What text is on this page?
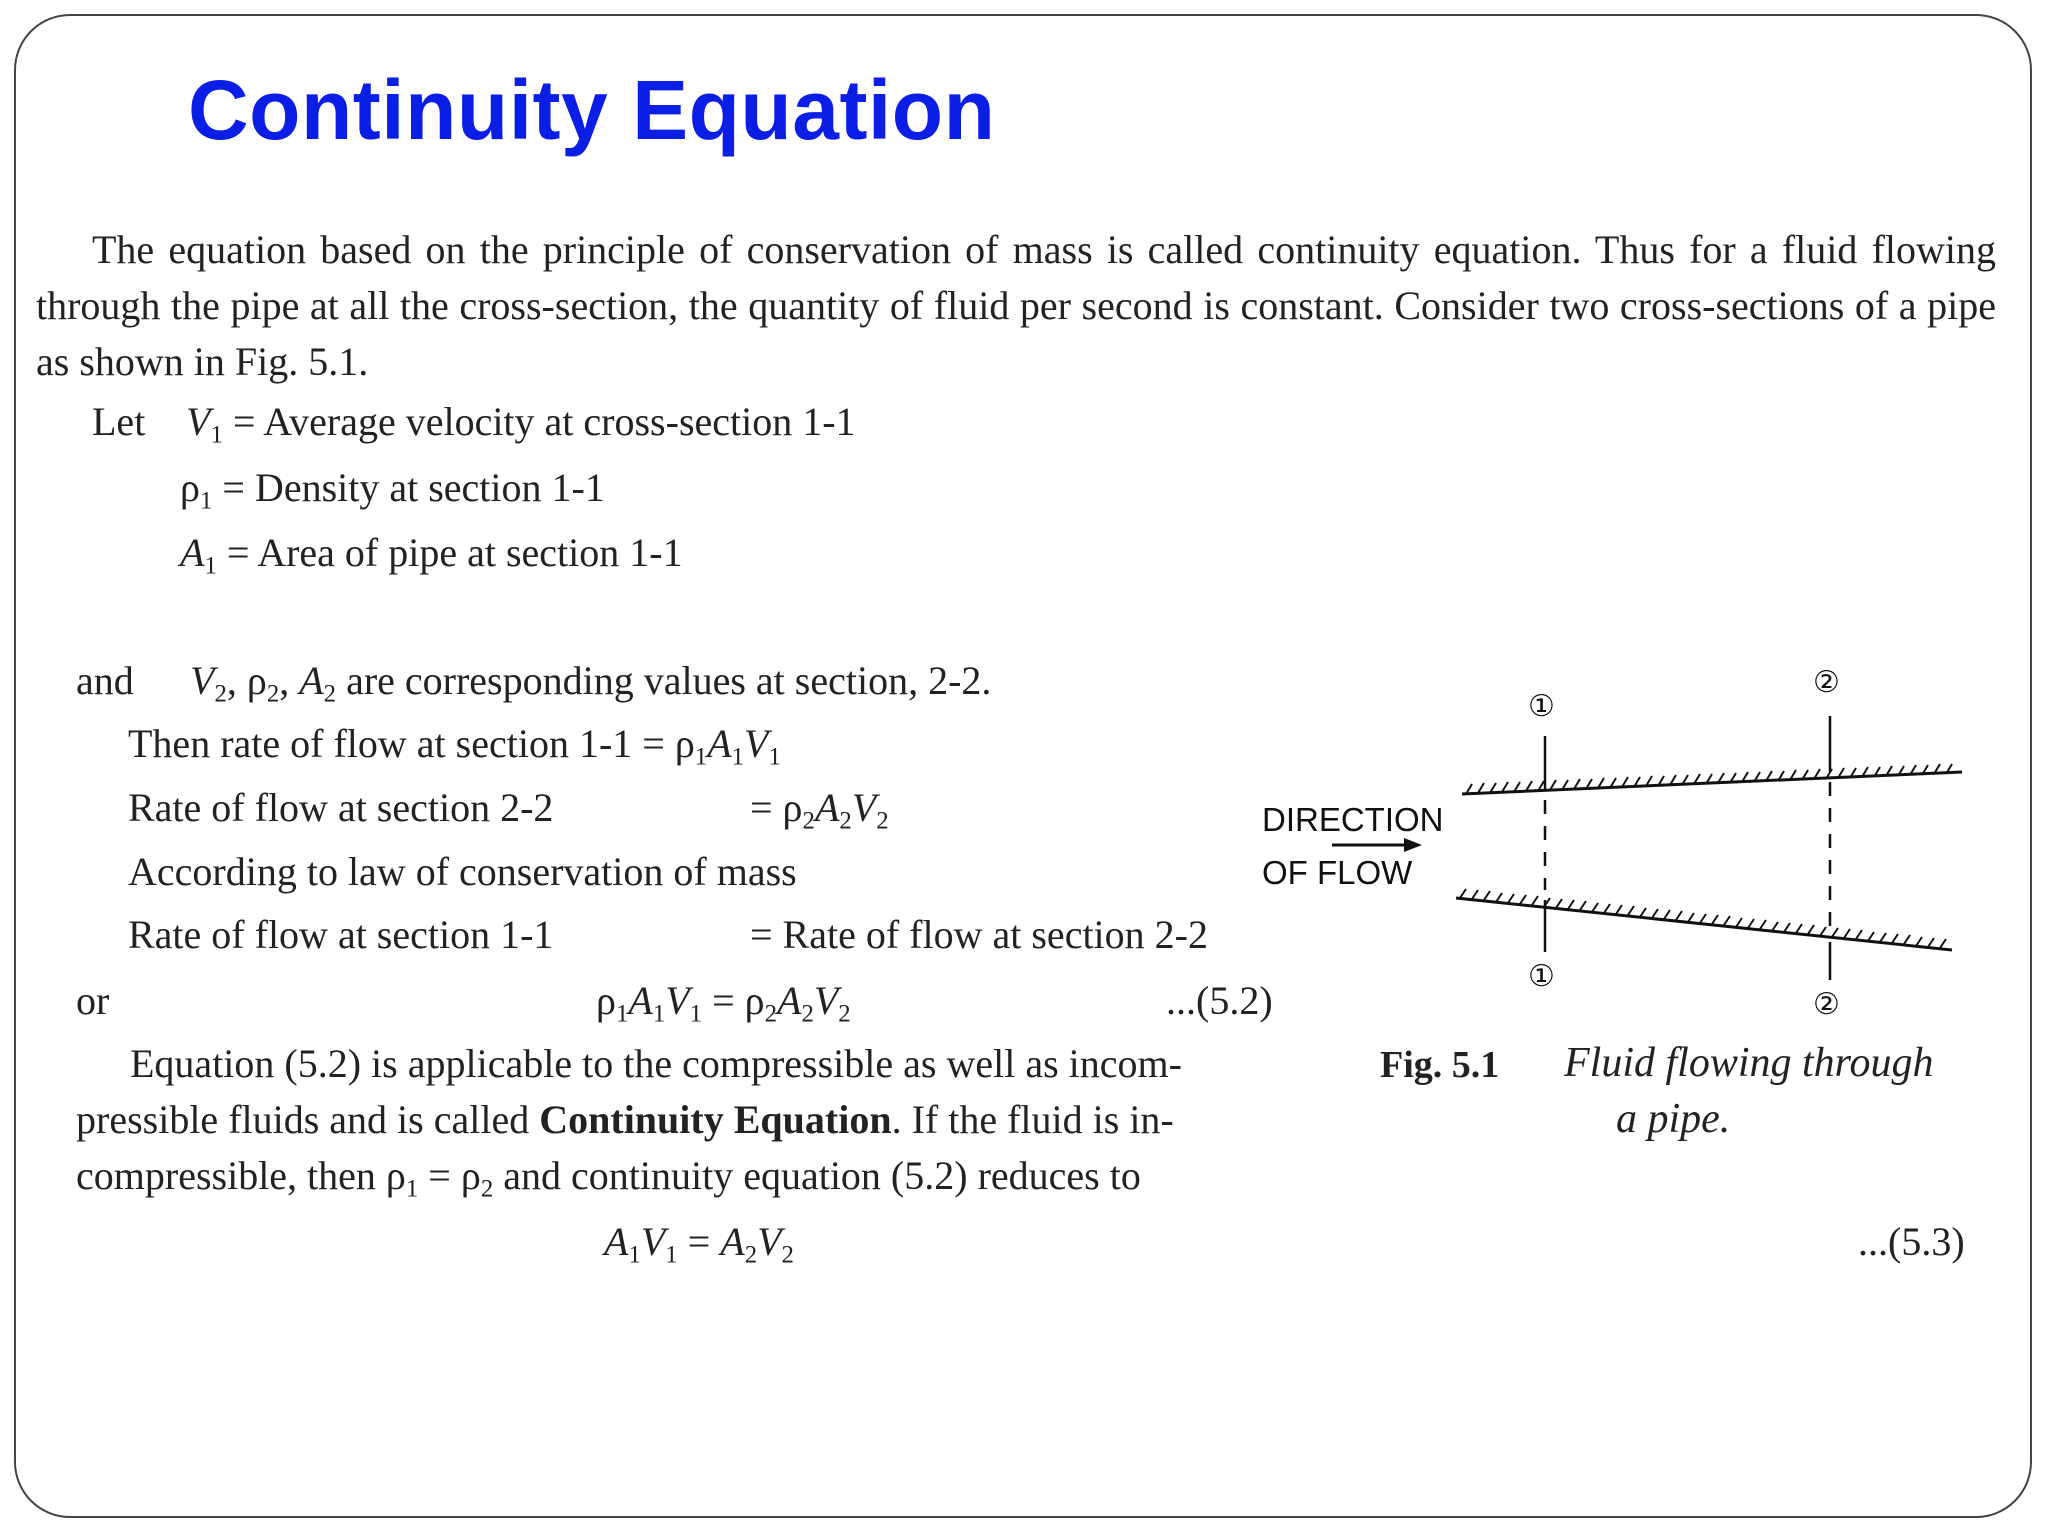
Continuity Equation

The equation based on the principle of conservation of mass is called continuity equation. Thus for a fluid flowing through the pipe at all the cross-section, the quantity of fluid per second is constant. Consider two cross-sections of a pipe as shown in Fig. 5.1.

Let $V_1$ = Average velocity at cross-section 1-1
$\rho_1$ = Density at section 1-1
$A_1$ = Area of pipe at section 1-1
and $V_2$, $\rho_2$, $A_2$ are corresponding values at section, 2-2.
Then rate of flow at section $1-1 = \rho_1A_1V_1$
Rate of flow at section 2-2	= $\rho_2A_2V_2$
According to law of conservation of mass
Rate of flow at section 1-1	= Rate of flow at section 2-2
or	$\rho_1A_1V_1 = \rho_2A_2V_2$	...(5.2)

Equation (5.2) is applicable to the compressible as well as incom-

pressible fluids and is called Continuity Equation. If the fluid is in-
compressible, then $\rho_1 = \rho_2$ and continuity equation (5.2) reduces to
$A_1V_1 = A_2V_2$	...(5.3)
DIRECTION
OF FLOW
①
②
①
②
Fig. 5.1 Fluid flowing through
a pipe.
